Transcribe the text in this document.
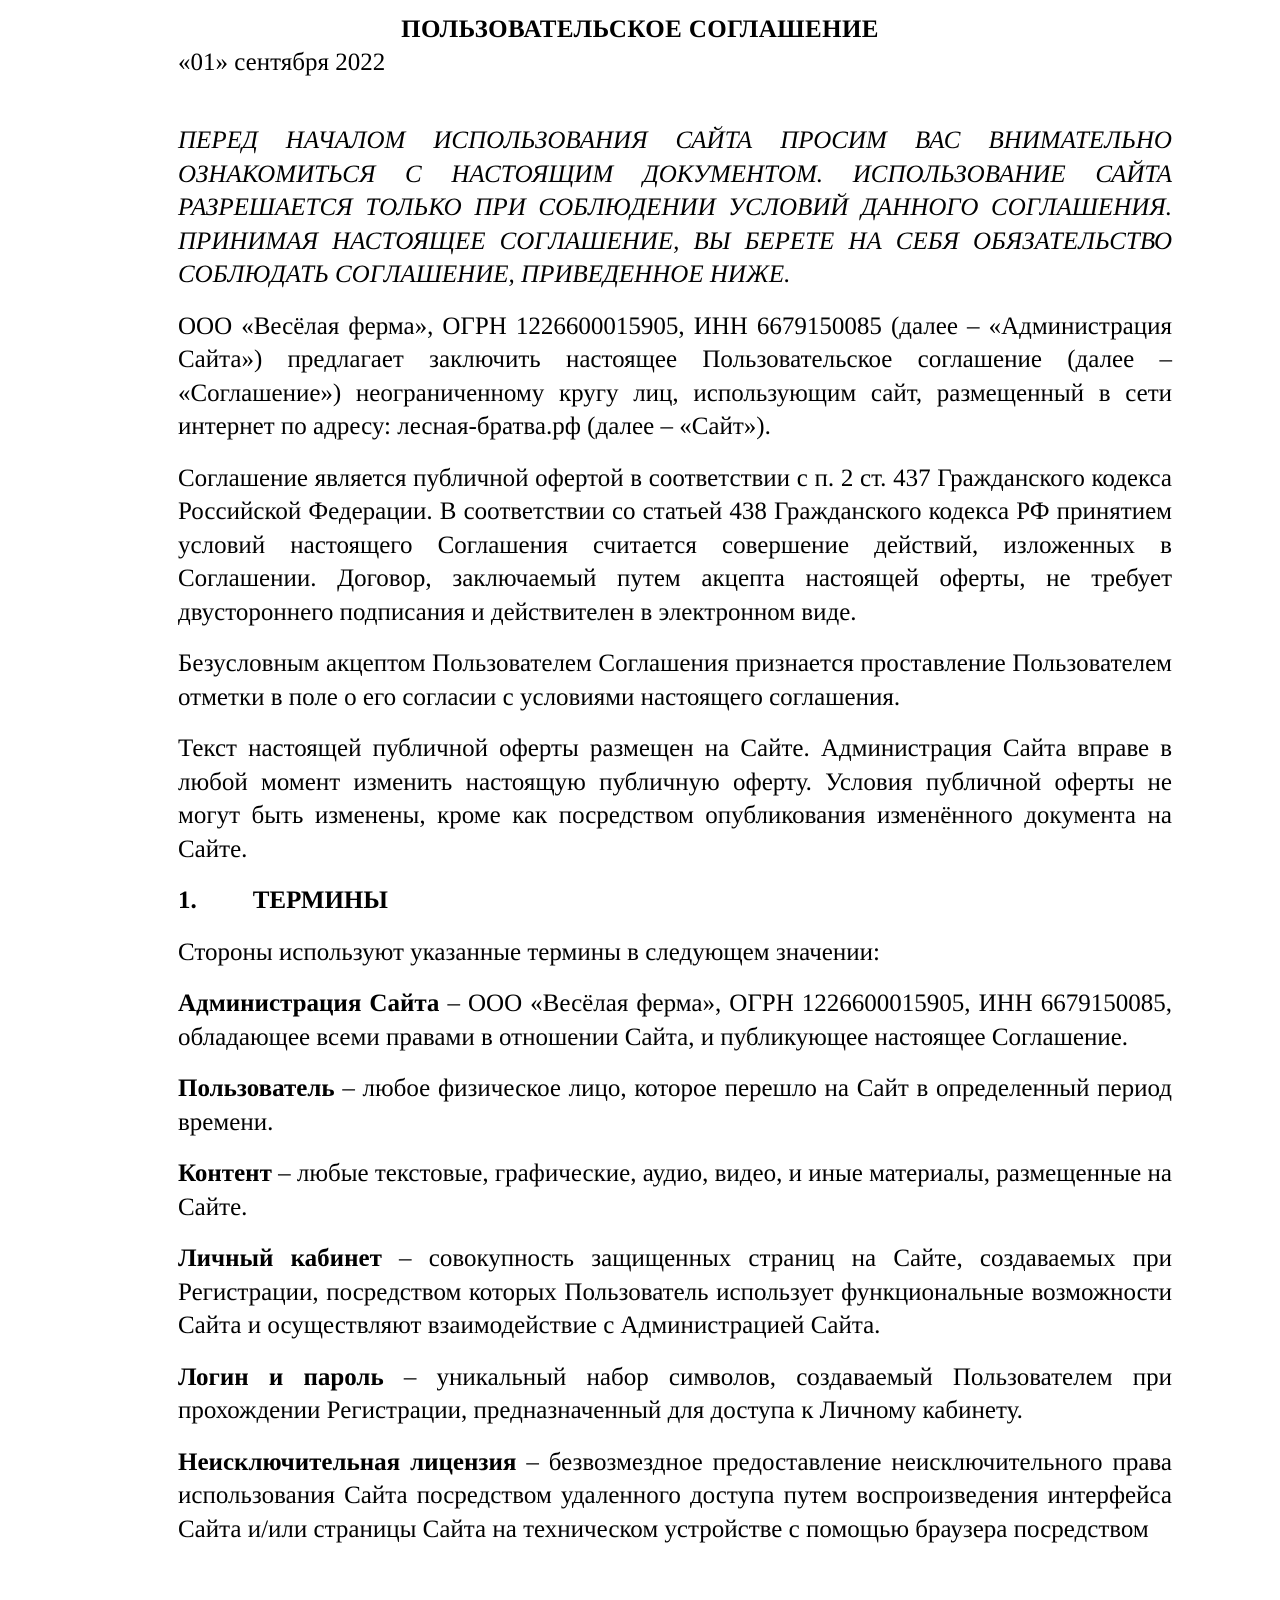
ПОЛЬЗОВАТЕЛЬСКОЕ СОГЛАШЕНИЕ
«01» сентября 2022
ПЕРЕД НАЧАЛОМ ИСПОЛЬЗОВАНИЯ САЙТА ПРОСИМ ВАС ВНИМАТЕЛЬНО ОЗНАКОМИТЬСЯ С НАСТОЯЩИМ ДОКУМЕНТОМ. ИСПОЛЬЗОВАНИЕ САЙТА РАЗРЕШАЕТСЯ ТОЛЬКО ПРИ СОБЛЮДЕНИИ УСЛОВИЙ ДАННОГО СОГЛАШЕНИЯ. ПРИНИМАЯ НАСТОЯЩЕЕ СОГЛАШЕНИЕ, ВЫ БЕРЕТЕ НА СЕБЯ ОБЯЗАТЕЛЬСТВО СОБЛЮДАТЬ СОГЛАШЕНИЕ, ПРИВЕДЕННОЕ НИЖЕ.

ООО «Весёлая ферма», ОГРН 1226600015905, ИНН 6679150085 (далее – «Администрация Сайта») предлагает заключить настоящее Пользовательское соглашение (далее – «Соглашение») неограниченному кругу лиц, использующим сайт, размещенный в сети интернет по адресу: лесная-братва.рф (далее – «Сайт»).

Соглашение является публичной офертой в соответствии с п. 2 ст. 437 Гражданского кодекса Российской Федерации. В соответствии со статьей 438 Гражданского кодекса РФ принятием условий настоящего Соглашения считается совершение действий, изложенных в Соглашении. Договор, заключаемый путем акцепта настоящей оферты, не требует двустороннего подписания и действителен в электронном виде.

Безусловным акцептом Пользователем Соглашения признается проставление Пользователем отметки в поле о его согласии с условиями настоящего соглашения.

Текст настоящей публичной оферты размещен на Сайте. Администрация Сайта вправе в любой момент изменить настоящую публичную оферту. Условия публичной оферты не могут быть изменены, кроме как посредством опубликования изменённого документа на Сайте.

1. ТЕРМИНЫ

Стороны используют указанные термины в следующем значении:

Администрация Сайта – ООО «Весёлая ферма», ОГРН 1226600015905, ИНН 6679150085, обладающее всеми правами в отношении Сайта, и публикующее настоящее Соглашение.

Пользователь – любое физическое лицо, которое перешло на Сайт в определенный период времени.

Контент – любые текстовые, графические, аудио, видео, и иные материалы, размещенные на Сайте.

Личный кабинет – совокупность защищенных страниц на Сайте, создаваемых при Регистрации, посредством которых Пользователь использует функциональные возможности Сайта и осуществляют взаимодействие с Администрацией Сайта.

Логин и пароль – уникальный набор символов, создаваемый Пользователем при прохождении Регистрации, предназначенный для доступа к Личному кабинету.

Неисключительная лицензия – безвозмездное предоставление неисключительного права использования Сайта посредством удаленного доступа путем воспроизведения интерфейса Сайта и/или страницы Сайта на техническом устройстве с помощью браузера посредством
